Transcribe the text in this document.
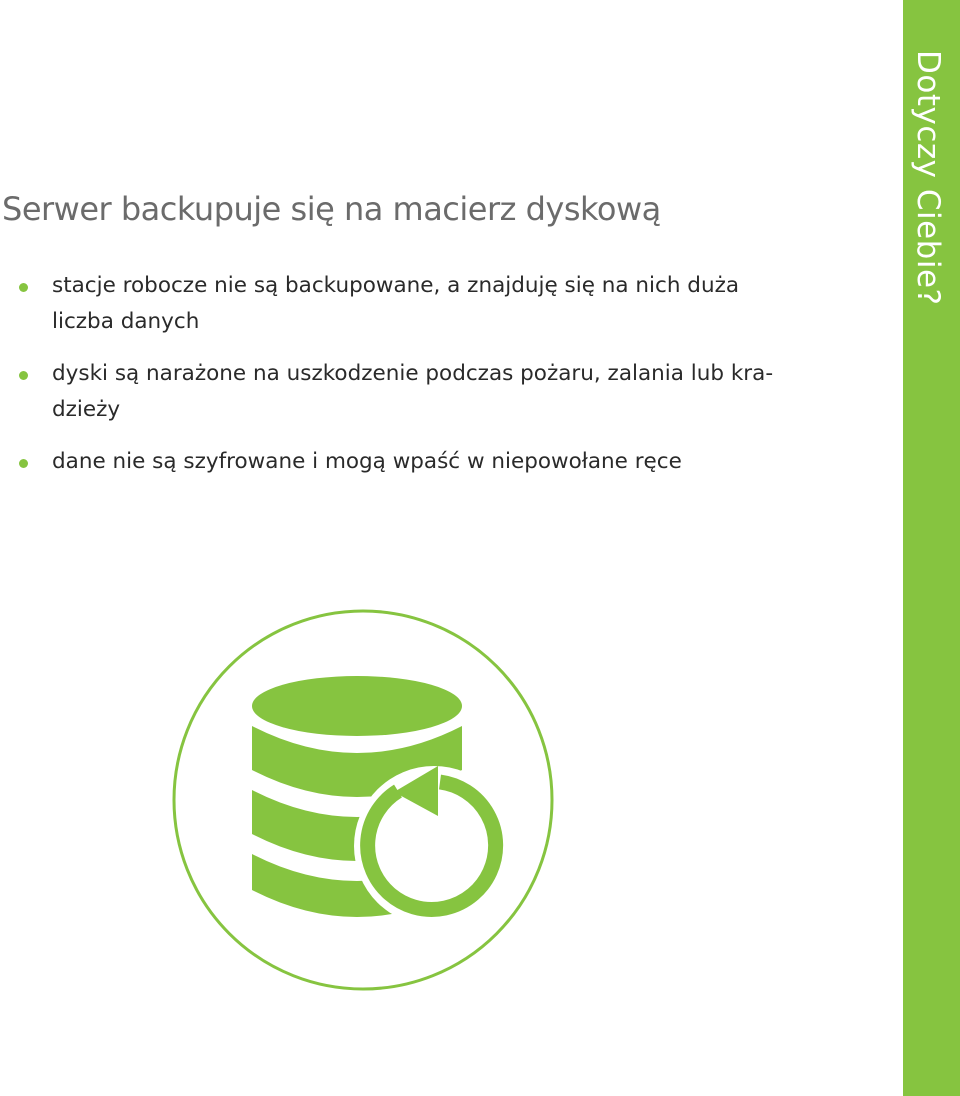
Serwer backupuje się na macierz dyskową
stacje robocze nie są backupowane, a znajduję się na nich duża
liczba danych
dyski są narażone na uszkodzenie podczas pożaru, zalania lub kra-
dzieży
dane nie są szyfrowane i mogą wpaść w niepowołane ręce
Dotyczy Ciebie?
